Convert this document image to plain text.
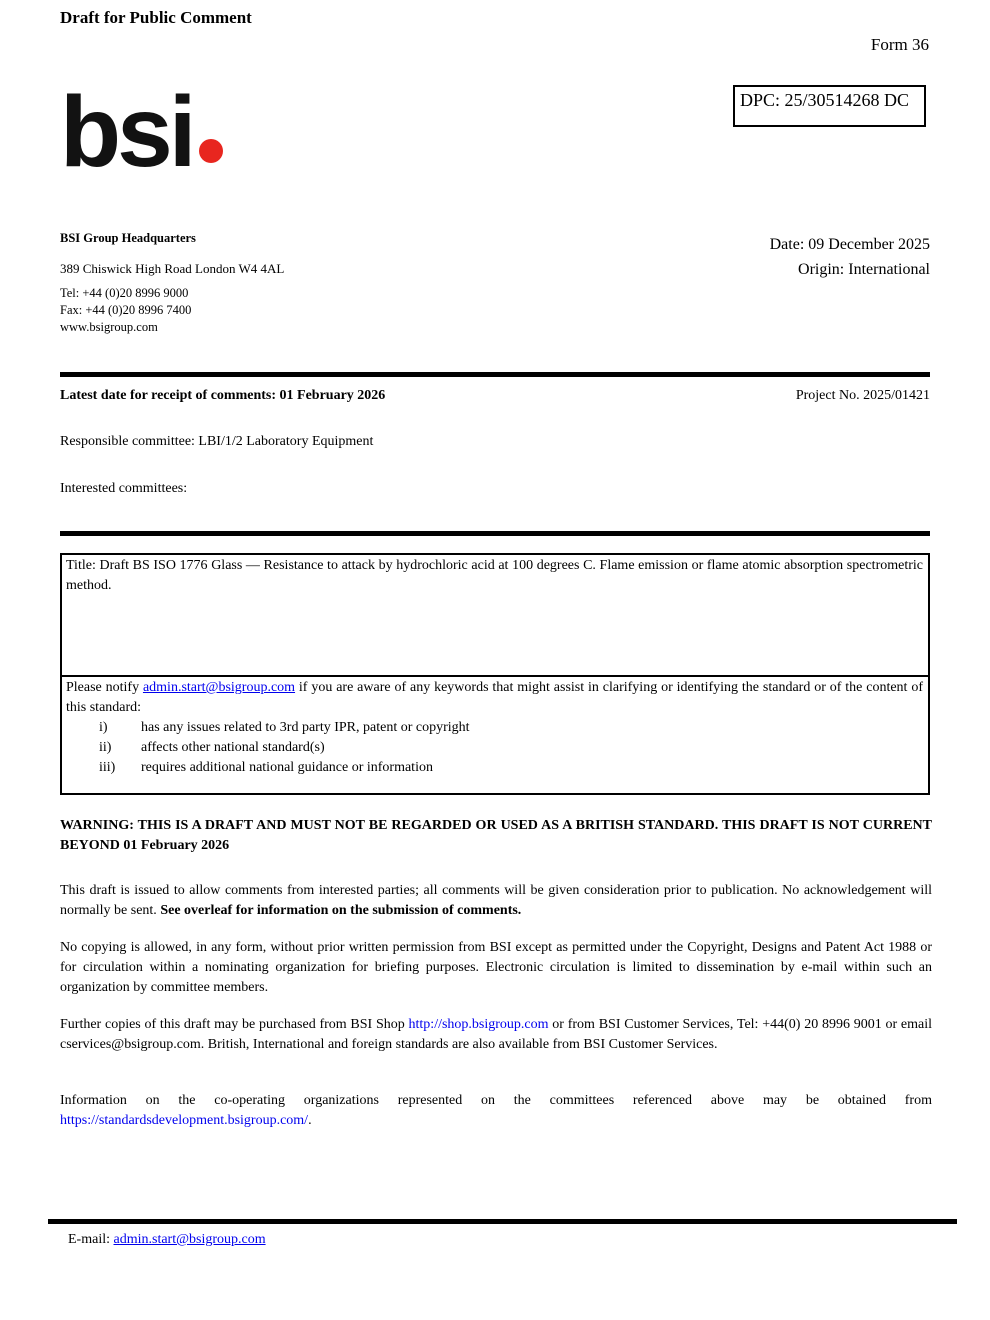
Draft for Public Comment
Form 36
DPC: 25/30514268 DC
bsi
BSI Group Headquarters
389 Chiswick High Road London W4 4AL
Tel: +44 (0)20 8996 9000
Fax: +44 (0)20 8996 7400
www.bsigroup.com
Date: 09 December 2025
Origin: International
Latest date for receipt of comments: 01 February 2026	Project No. 2025/01421
Responsible committee: LBI/1/2 Laboratory Equipment
Interested committees:
Title: Draft BS ISO 1776 Glass — Resistance to attack by hydrochloric acid at 100 degrees C. Flame emission or flame atomic absorption spectrometric method.
Please notify admin.start@bsigroup.com if you are aware of any keywords that might assist in clarifying or identifying the standard or of the content of this standard:
i)	has any issues related to 3rd party IPR, patent or copyright
ii)	affects other national standard(s)
iii)	requires additional national guidance or information
WARNING: THIS IS A DRAFT AND MUST NOT BE REGARDED OR USED AS A BRITISH STANDARD. THIS DRAFT IS NOT CURRENT BEYOND 01 February 2026
This draft is issued to allow comments from interested parties; all comments will be given consideration prior to publication. No acknowledgement will normally be sent. See overleaf for information on the submission of comments.
No copying is allowed, in any form, without prior written permission from BSI except as permitted under the Copyright, Designs and Patent Act 1988 or for circulation within a nominating organization for briefing purposes. Electronic circulation is limited to dissemination by e-mail within such an organization by committee members.
Further copies of this draft may be purchased from BSI Shop http://shop.bsigroup.com or from BSI Customer Services, Tel: +44(0) 20 8996 9001 or email cservices@bsigroup.com. British, International and foreign standards are also available from BSI Customer Services.
Information on the co-operating organizations represented on the committees referenced above may be obtained from https://standardsdevelopment.bsigroup.com/.
E-mail: admin.start@bsigroup.com
